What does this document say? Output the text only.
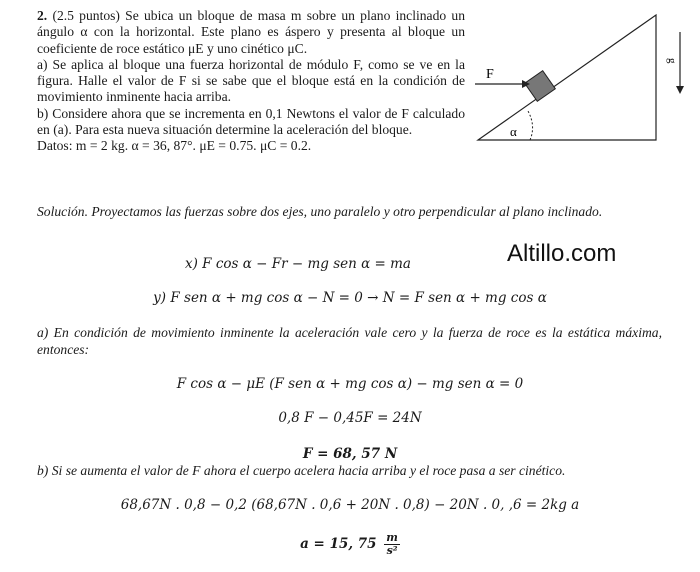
2. (2.5 puntos) Se ubica un bloque de masa m sobre un plano inclinado un ángulo α con la horizontal. Este plano es áspero y presenta al bloque un coeficiente de roce estático μE y uno cinético μC.

a) Se aplica al bloque una fuerza horizontal de módulo F, como se ve en la figura. Halle el valor de F si se sabe que el bloque está en la condición de movimiento inminente hacia arriba.

b) Considere ahora que se incrementa en 0,1 Newtons el valor de F calculado en (a). Para esta nueva situación determine la aceleración del bloque.

Datos: m = 2 kg. α = 36, 87°. μE = 0.75. μC = 0.2.

F
α
g
Altillo.com
Solución. Proyectamos las fuerzas sobre dos ejes, uno paralelo y otro perpendicular al plano inclinado.
x) F cos α − Fr − mg sen α = ma
y) F sen α + mg cos α − N = 0 → N = F sen α + mg cos α
a) En condición de movimiento inminente la aceleración vale cero y la fuerza de roce es la estática máxima, entonces:
F cos α − μE (F sen α + mg cos α) − mg sen α = 0
0,8 F − 0,45F = 24N
F = 68, 57 N
b) Si se aumenta el valor de F ahora el cuerpo acelera hacia arriba y el roce pasa a ser cinético.
68,67N . 0,8 − 0,2 (68,67N . 0,6 + 20N . 0,8) − 20N . 0, ,6 = 2kg a
a = 15, $75 \frac{m}{\text{s²}}$
